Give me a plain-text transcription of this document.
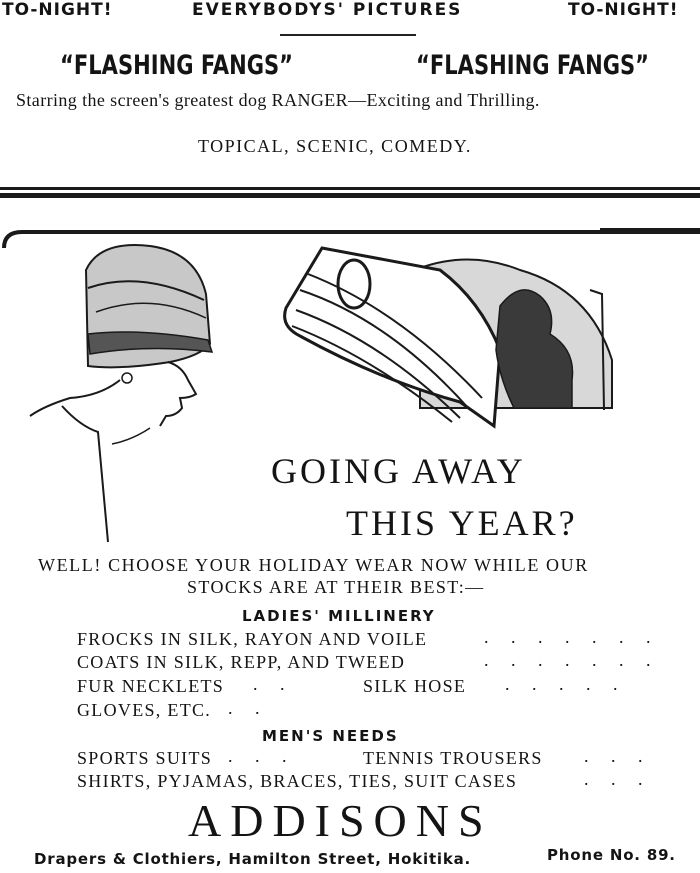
TO-NIGHT!	EVERYBODYS' PICTURES	TO-NIGHT!
“FLASHING FANGS”	“FLASHING FANGS”
Starring the screen's greatest dog RANGER—Exciting and Thrilling.
TOPICAL, SCENIC, COMEDY.
GOING AWAY
THIS YEAR?
WELL! CHOOSE YOUR HOLIDAY WEAR NOW WHILE OUR
STOCKS ARE AT THEIR BEST:—
LADIES' MILLINERY
FROCKS IN SILK, RAYON AND VOILE	. . . . . . .
COATS IN SILK, REPP, AND TWEED	. . . . . . .
FUR NECKLETS . .	SILK HOSE . . . . .
GLOVES, ETC. . .
MEN'S NEEDS
SPORTS SUITS . . .	TENNIS TROUSERS . . .
SHIRTS, PYJAMAS, BRACES, TIES, SUIT CASES	. . .
ADDISONS
Drapers & Clothiers, Hamilton Street, Hokitika.	Phone No. 89.
